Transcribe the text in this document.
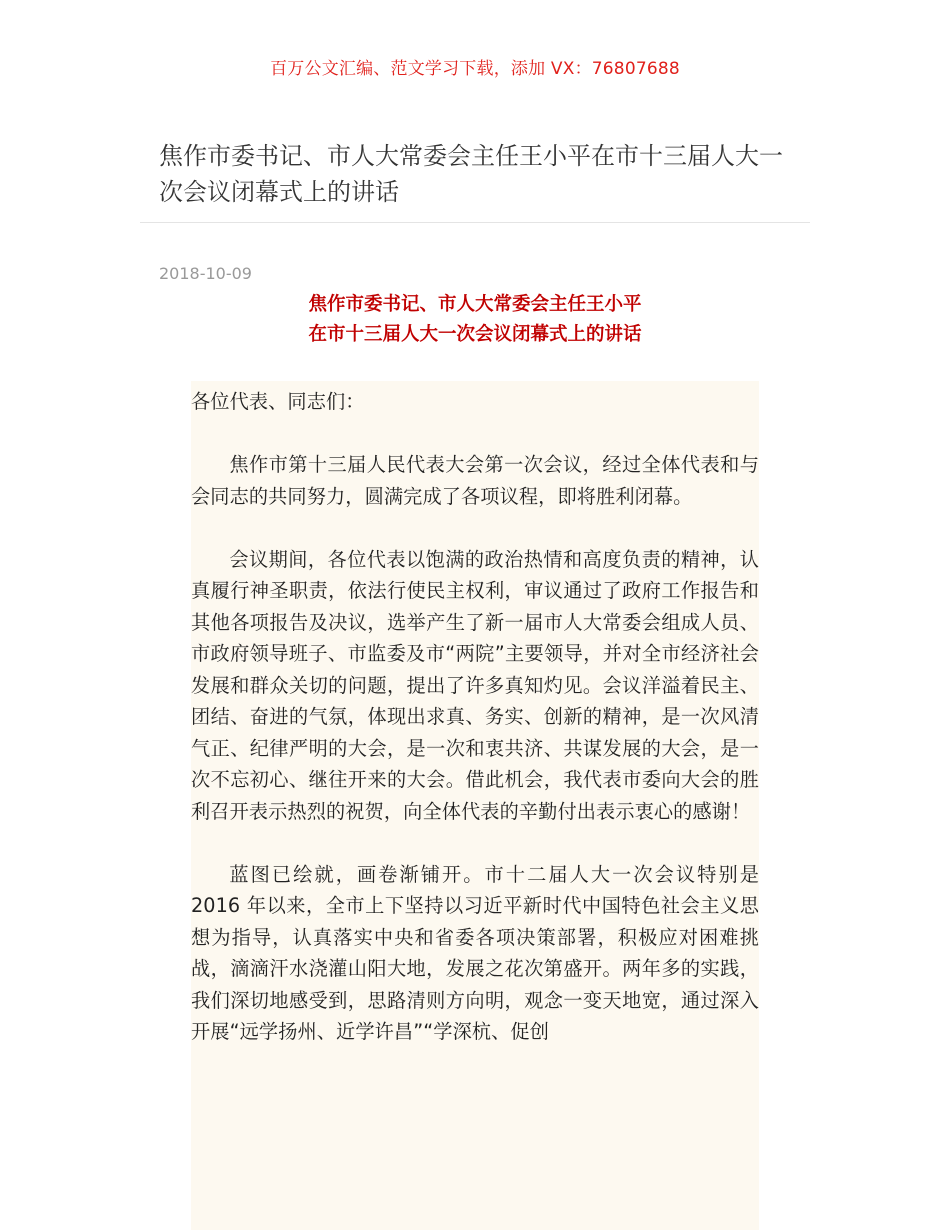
百万公文汇编、范文学习下载，添加 VX：76807688
焦作市委书记、市人大常委会主任王小平在市十三届人大一次会议闭幕式上的讲话
2018-10-09
焦作市委书记、市人大常委会主任王小平
在市十三届人大一次会议闭幕式上的讲话

各位代表、同志们：

焦作市第十三届人民代表大会第一次会议，经过全体代表和与会同志的共同努力，圆满完成了各项议程，即将胜利闭幕。

会议期间，各位代表以饱满的政治热情和高度负责的精神，认真履行神圣职责，依法行使民主权利，审议通过了政府工作报告和其他各项报告及决议，选举产生了新一届市人大常委会组成人员、市政府领导班子、市监委及市“两院”主要领导，并对全市经济社会发展和群众关切的问题，提出了许多真知灼见。会议洋溢着民主、团结、奋进的气氛，体现出求真、务实、创新的精神，是一次风清气正、纪律严明的大会，是一次和衷共济、共谋发展的大会，是一次不忘初心、继往开来的大会。借此机会，我代表市委向大会的胜利召开表示热烈的祝贺，向全体代表的辛勤付出表示衷心的感谢！

蓝图已绘就，画卷渐铺开。市十二届人大一次会议特别是2016 年以来，全市上下坚持以习近平新时代中国特色社会主义思想为指导，认真落实中央和省委各项决策部署，积极应对困难挑战，滴滴汗水浇灌山阳大地，发展之花次第盛开。两年多的实践，我们深切地感受到，思路清则方向明，观念一变天地宽，通过深入开展“远学扬州、近学许昌”“学深杭、促创
